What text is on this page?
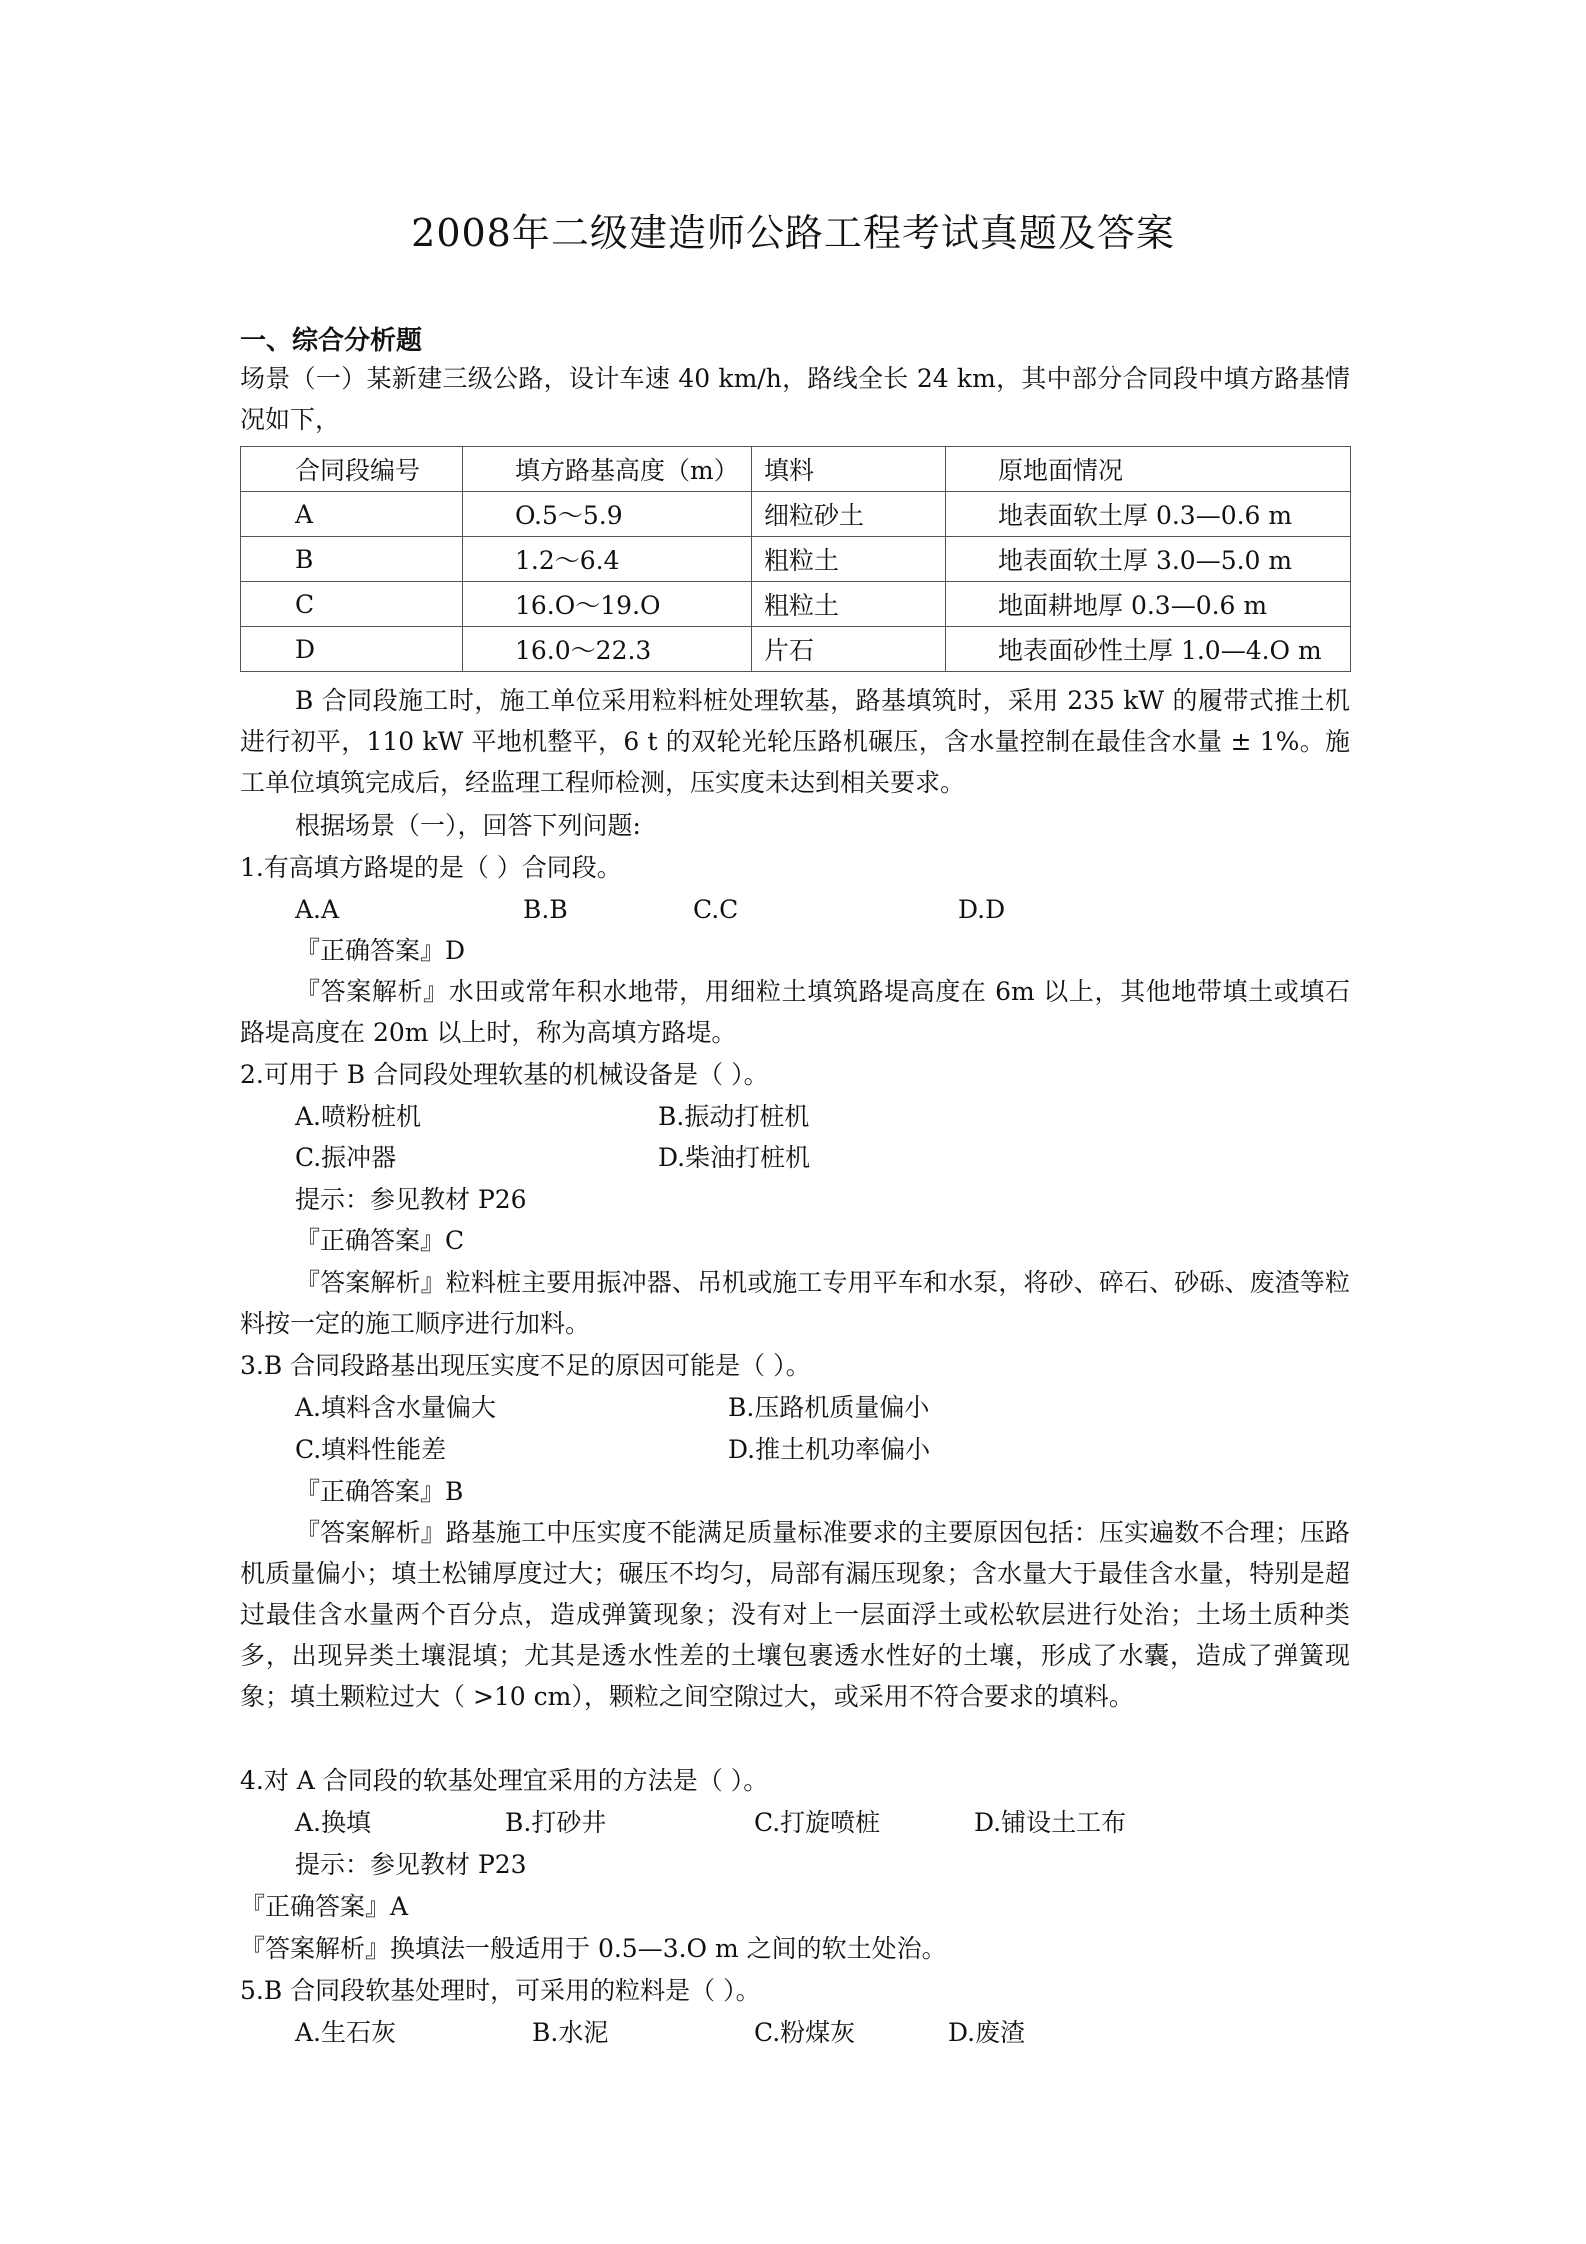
2008年二级建造师公路工程考试真题及答案
一、综合分析题
场景（一）某新建三级公路，设计车速 40 km/h，路线全长 24 km，其中部分合同段中填方路基情况如下，
合同段编号	填方路基高度（m）	填料	原地面情况
A	O.5～5.9	细粒砂土	地表面软土厚 0.3—0.6 m
B	1.2～6.4	粗粒土	地表面软土厚 3.0—5.0 m
C	16.O～19.O	粗粒土	地面耕地厚 0.3—0.6 m
D	16.0～22.3	片石	地表面砂性土厚 1.0—4.O m
B 合同段施工时，施工单位采用粒料桩处理软基，路基填筑时，采用 235 kW 的履带式推土机进行初平，110 kW 平地机整平，6 t 的双轮光轮压路机碾压，含水量控制在最佳含水量 ± 1%。施工单位填筑完成后，经监理工程师检测，压实度未达到相关要求。
根据场景（一），回答下列问题:
1.有高填方路堤的是（ ）合同段。
A.A	B.B	C.C	D.D
『正确答案』D
『答案解析』水田或常年积水地带，用细粒土填筑路堤高度在 6m 以上，其他地带填土或填石路堤高度在 20m 以上时，称为高填方路堤。
2.可用于 B 合同段处理软基的机械设备是（ ）。
A.喷粉桩机	B.振动打桩机
C.振冲器	D.柴油打桩机
提示：参见教材 P26
『正确答案』C
『答案解析』粒料桩主要用振冲器、吊机或施工专用平车和水泵，将砂、碎石、砂砾、废渣等粒料按一定的施工顺序进行加料。
3.B 合同段路基出现压实度不足的原因可能是（ ）。
A.填料含水量偏大	B.压路机质量偏小
C.填料性能差	D.推土机功率偏小
『正确答案』B
『答案解析』路基施工中压实度不能满足质量标准要求的主要原因包括：压实遍数不合理；压路机质量偏小；填土松铺厚度过大；碾压不均匀，局部有漏压现象；含水量大于最佳含水量，特别是超过最佳含水量两个百分点，造成弹簧现象；没有对上一层面浮土或松软层进行处治；土场土质种类多，出现异类土壤混填；尤其是透水性差的土壤包裹透水性好的土壤，形成了水囊，造成了弹簧现象；填土颗粒过大（ >10 cm），颗粒之间空隙过大，或采用不符合要求的填料。
4.对 A 合同段的软基处理宜采用的方法是（ ）。
A.换填	B.打砂井	C.打旋喷桩	D.铺设土工布
提示：参见教材 P23
『正确答案』A
『答案解析』换填法一般适用于 0.5—3.O m 之间的软土处治。
5.B 合同段软基处理时，可采用的粒料是（ ）。
A.生石灰	B.水泥	C.粉煤灰	D.废渣
